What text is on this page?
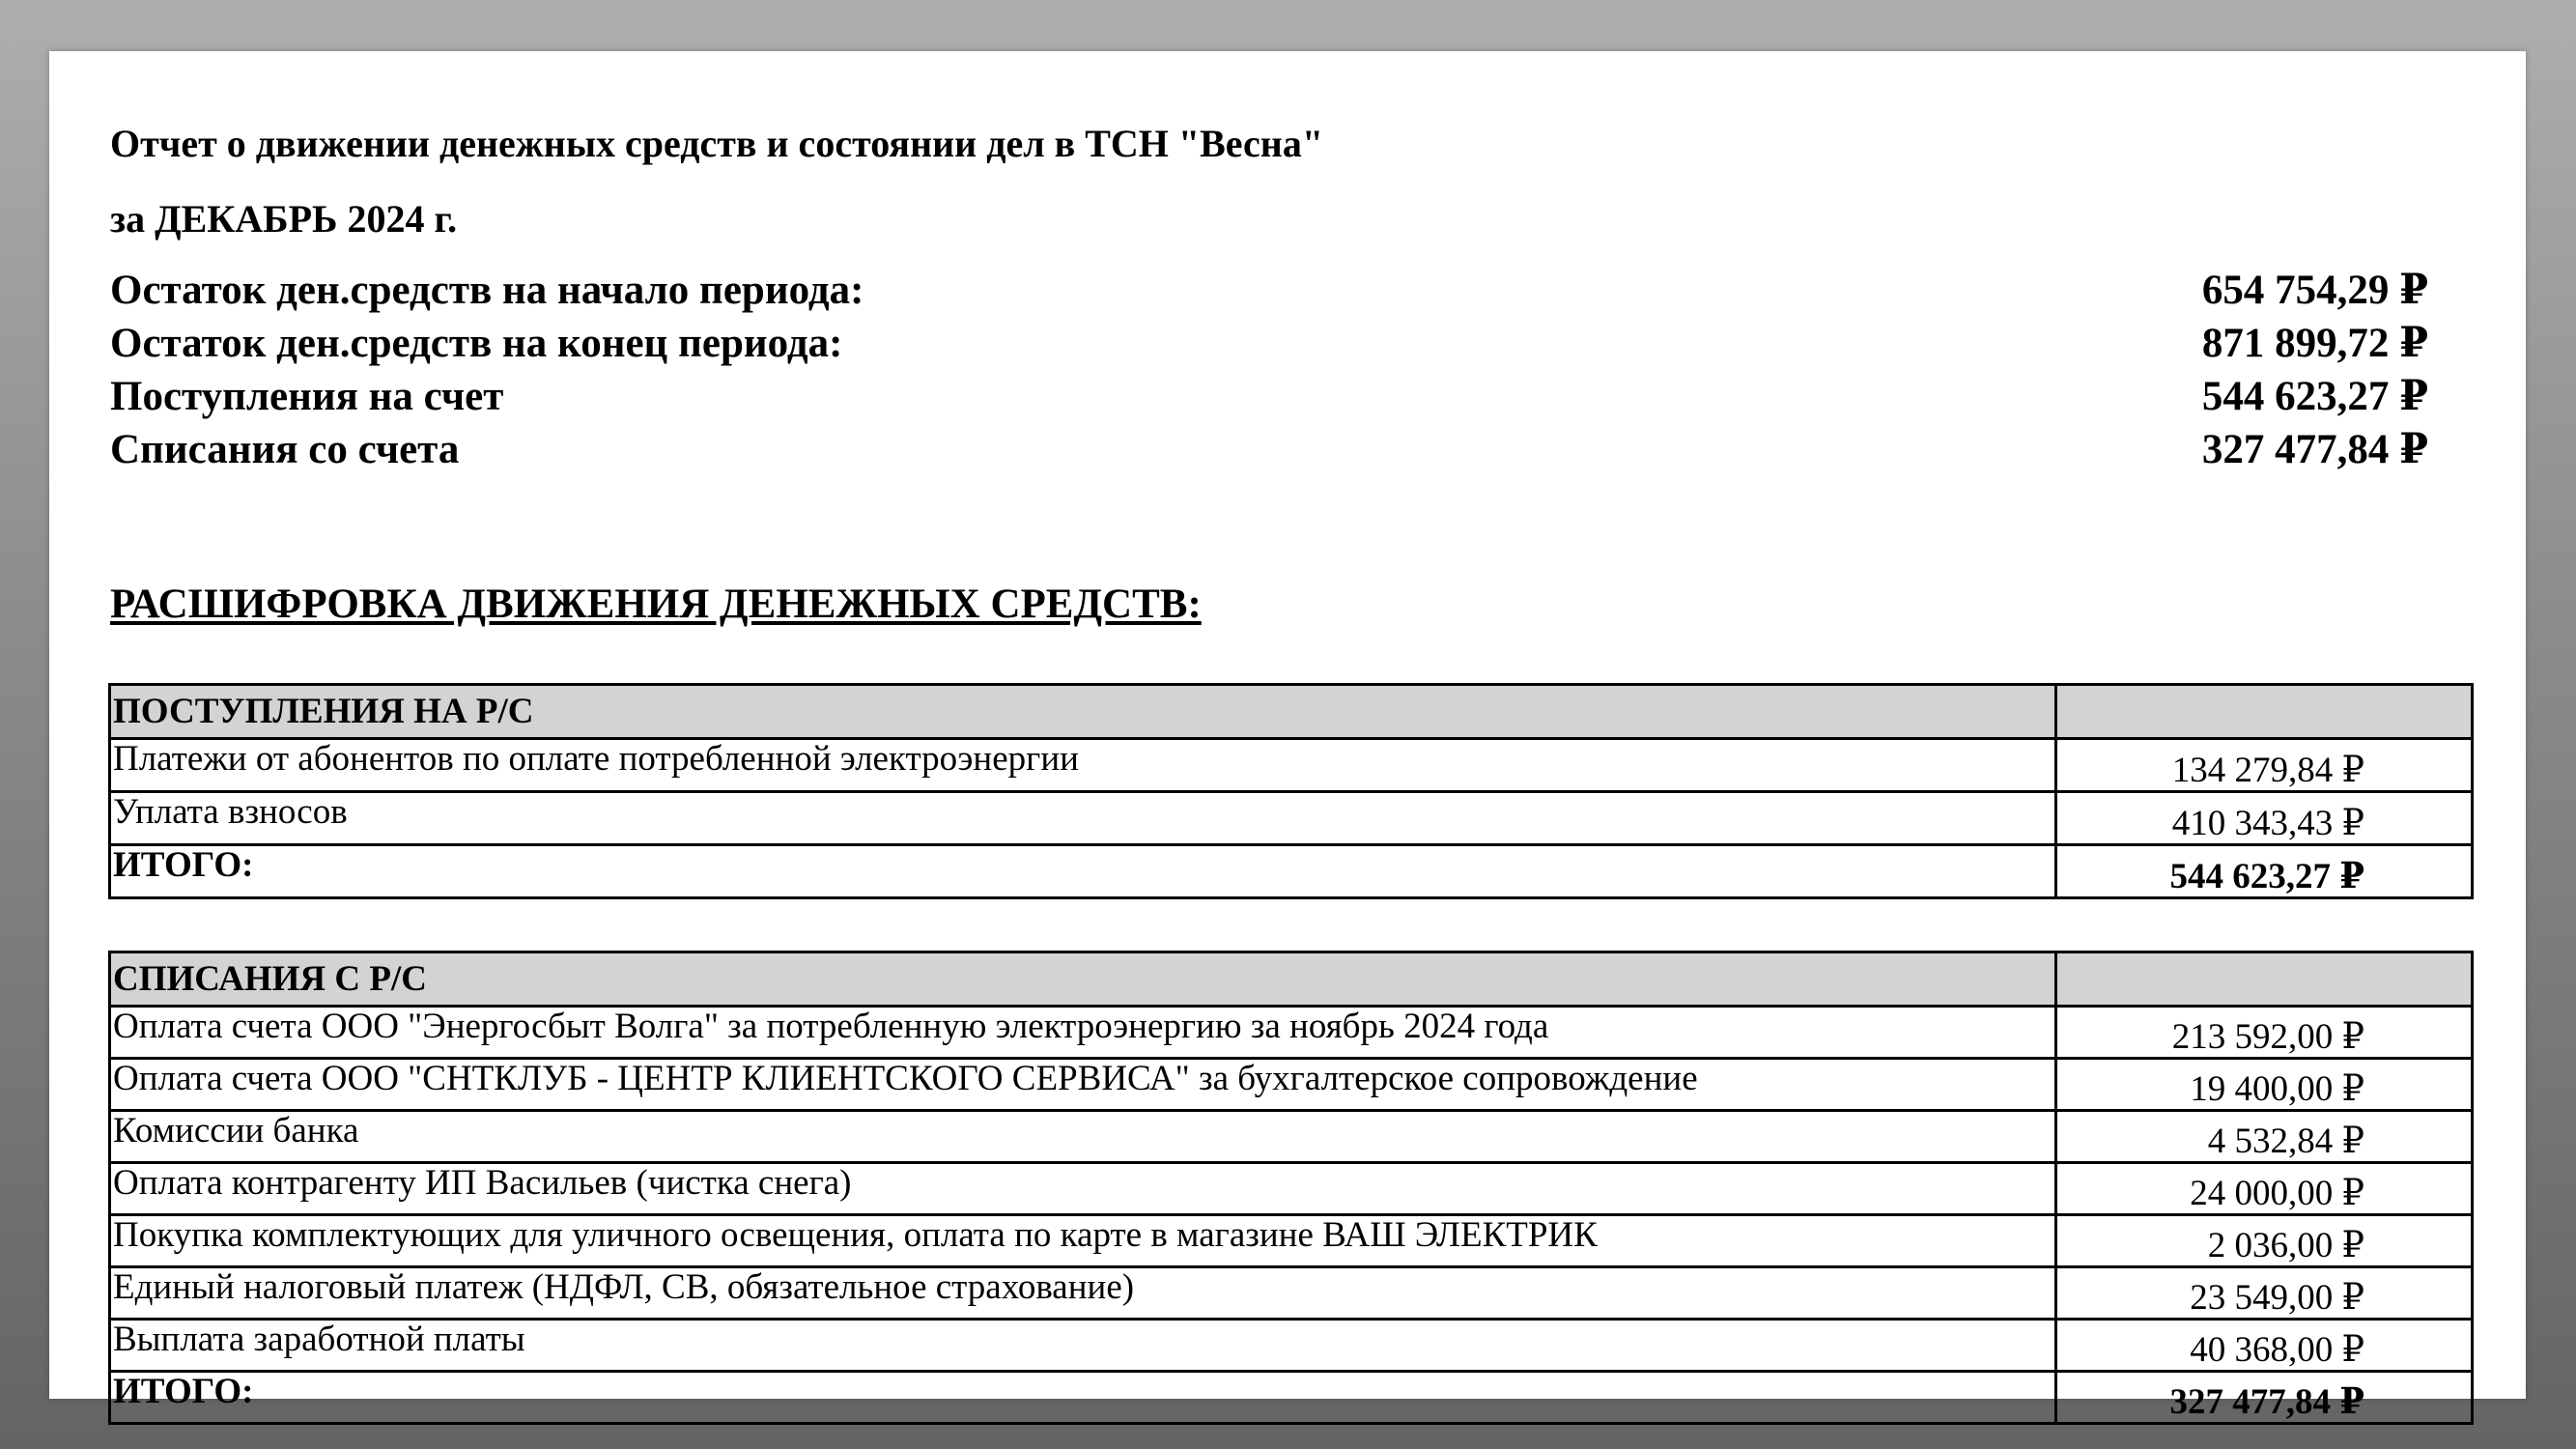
Отчет о движении денежных средств и состоянии дел в ТСН "Весна"
за ДЕКАБРЬ 2024 г.
Остаток ден.средств на начало периода:	654 754,29 ₽
Остаток ден.средств на конец периода:	871 899,72 ₽
Поступления на счет	544 623,27 ₽
Списания со счета	327 477,84 ₽
РАСШИФРОВКА ДВИЖЕНИЯ ДЕНЕЖНЫХ СРЕДСТВ:
ПОСТУПЛЕНИЯ НА Р/С	
Платежи от абонентов по оплате потребленной электроэнергии	134 279,84 ₽
Уплата взносов	410 343,43 ₽
ИТОГО:	544 623,27 ₽
СПИСАНИЯ С Р/С	
Оплата счета ООО "Энергосбыт Волга" за потребленную электроэнергию за ноябрь 2024 года	213 592,00 ₽
Оплата счета ООО "СНТКЛУБ - ЦЕНТР КЛИЕНТСКОГО СЕРВИСА" за бухгалтерское сопровождение	19 400,00 ₽
Комиссии банка	4 532,84 ₽
Оплата контрагенту ИП Васильев (чистка снега)	24 000,00 ₽
Покупка комплектующих для уличного освещения, оплата по карте в магазине ВАШ ЭЛЕКТРИК	2 036,00 ₽
Единый налоговый платеж (НДФЛ, СВ, обязательное страхование)	23 549,00 ₽
Выплата заработной платы	40 368,00 ₽
ИТОГО:	327 477,84 ₽
